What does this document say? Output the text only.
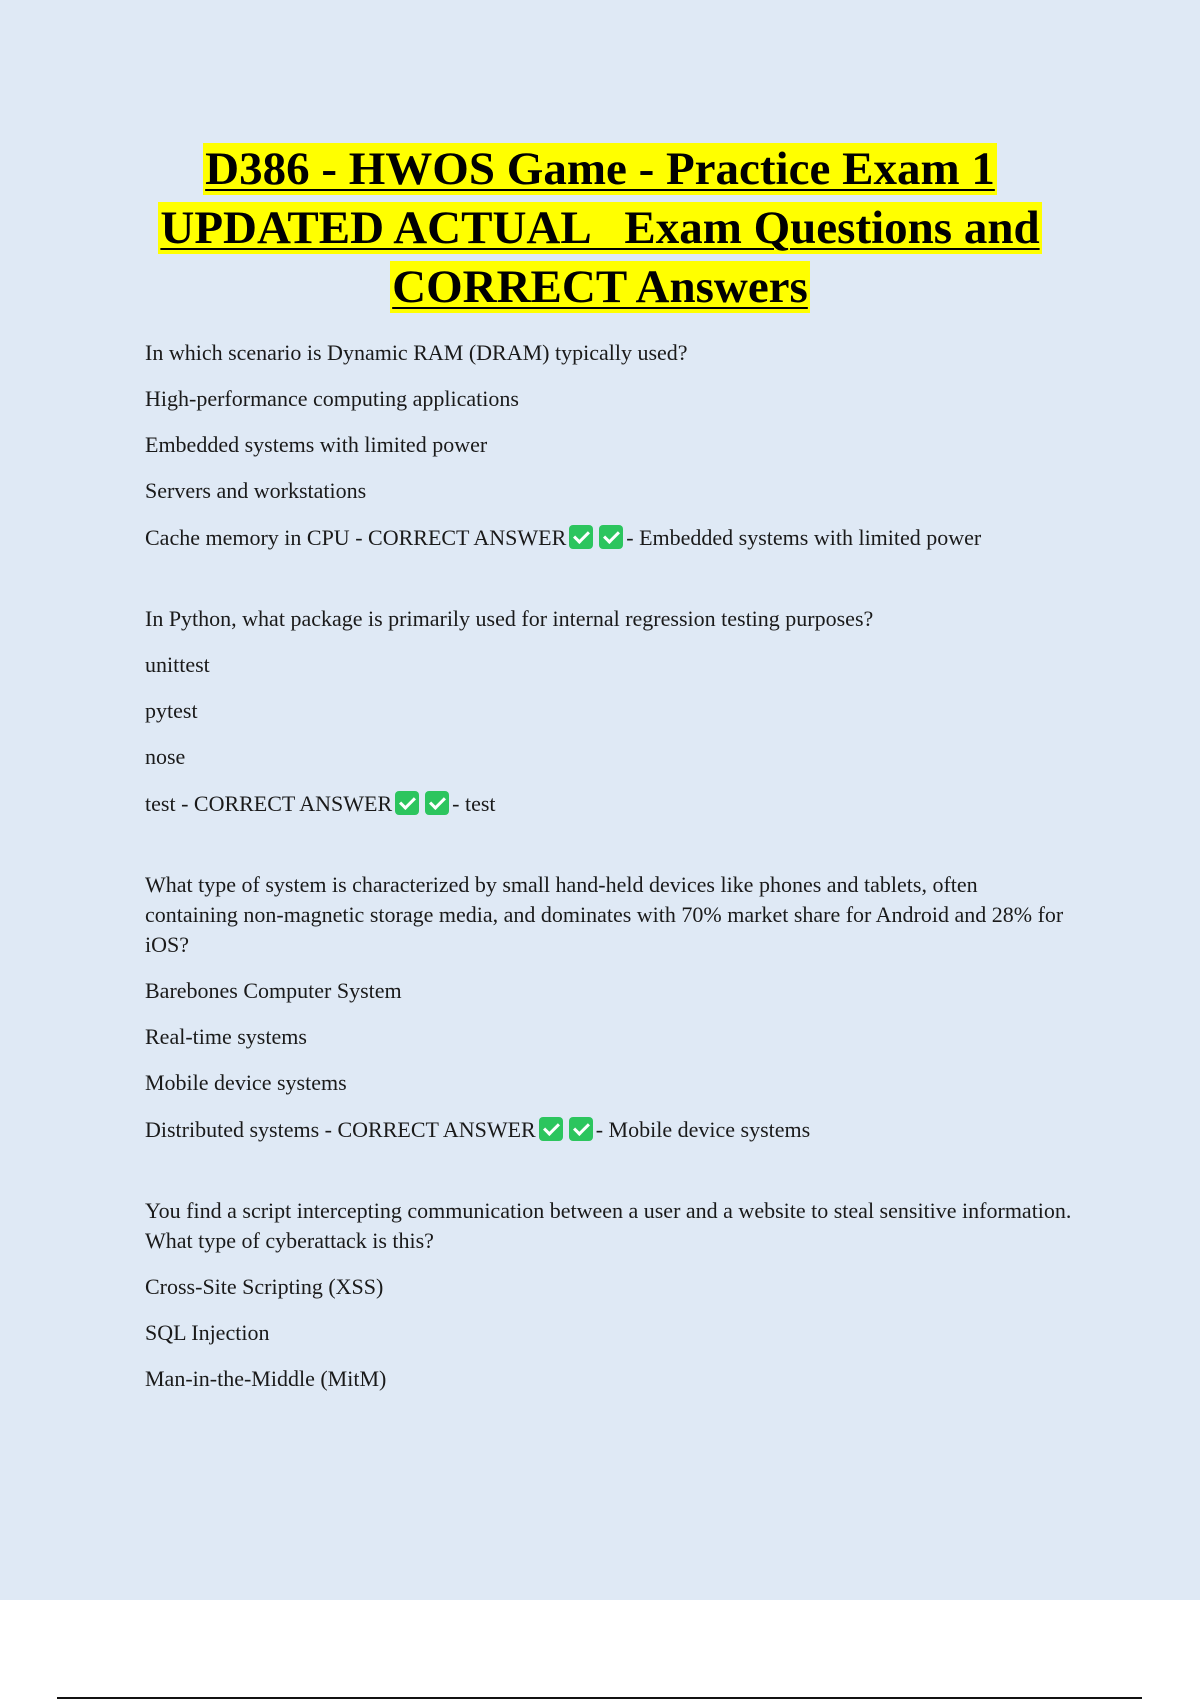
D386 - HWOS Game - Practice Exam 1
UPDATED ACTUAL   Exam Questions and
CORRECT Answers

In which scenario is Dynamic RAM (DRAM) typically used?

High-performance computing applications

Embedded systems with limited power

Servers and workstations

Cache memory in CPU - CORRECT ANSWER	- Embedded systems with limited power

In Python, what package is primarily used for internal regression testing purposes?

unittest

pytest

nose

test - CORRECT ANSWER	- test

What type of system is characterized by small hand-held devices like phones and tablets, often containing non-magnetic storage media, and dominates with 70% market share for Android and 28% for iOS?

Barebones Computer System

Real-time systems

Mobile device systems

Distributed systems - CORRECT ANSWER	- Mobile device systems

You find a script intercepting communication between a user and a website to steal sensitive information. What type of cyberattack is this?

Cross-Site Scripting (XSS)

SQL Injection

Man-in-the-Middle (MitM)
